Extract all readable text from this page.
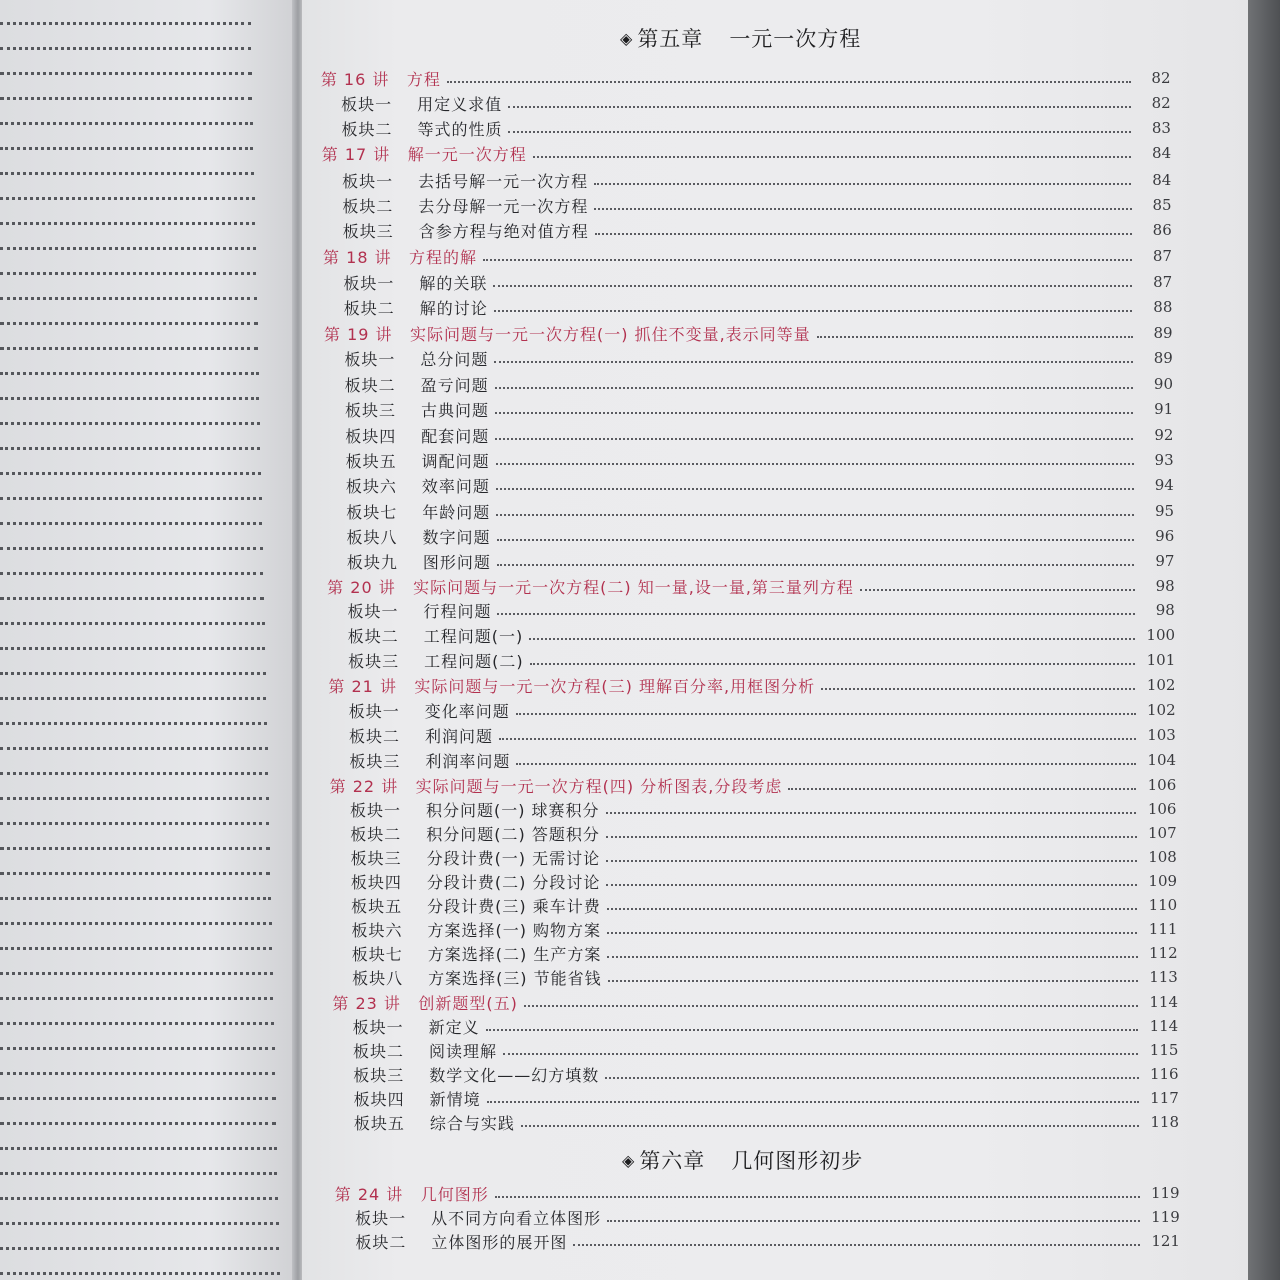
◈ 第五章 一元一次方程
◈ 第六章 几何图形初步
第 16 讲	方程	82
板块一	用定义求值	82
板块二	等式的性质	83
第 17 讲	解一元一次方程	84
板块一	去括号解一元一次方程	84
板块二	去分母解一元一次方程	85
板块三	含参方程与绝对值方程	86
第 18 讲	方程的解	87
板块一	解的关联	87
板块二	解的讨论	88
第 19 讲	实际问题与一元一次方程(一) 抓住不变量,表示同等量	89
板块一	总分问题	89
板块二	盈亏问题	90
板块三	古典问题	91
板块四	配套问题	92
板块五	调配问题	93
板块六	效率问题	94
板块七	年龄问题	95
板块八	数字问题	96
板块九	图形问题	97
第 20 讲	实际问题与一元一次方程(二) 知一量,设一量,第三量列方程	98
板块一	行程问题	98
板块二	工程问题(一)	100
板块三	工程问题(二)	101
第 21 讲	实际问题与一元一次方程(三) 理解百分率,用框图分析	102
板块一	变化率问题	102
板块二	利润问题	103
板块三	利润率问题	104
第 22 讲	实际问题与一元一次方程(四) 分析图表,分段考虑	106
板块一	积分问题(一) 球赛积分	106
板块二	积分问题(二) 答题积分	107
板块三	分段计费(一) 无需讨论	108
板块四	分段计费(二) 分段讨论	109
板块五	分段计费(三) 乘车计费	110
板块六	方案选择(一) 购物方案	111
板块七	方案选择(二) 生产方案	112
板块八	方案选择(三) 节能省钱	113
第 23 讲	创新题型(五)	114
板块一	新定义	114
板块二	阅读理解	115
板块三	数学文化——幻方填数	116
板块四	新情境	117
板块五	综合与实践	118
第 24 讲	几何图形	119
板块一	从不同方向看立体图形	119
板块二	立体图形的展开图	121
